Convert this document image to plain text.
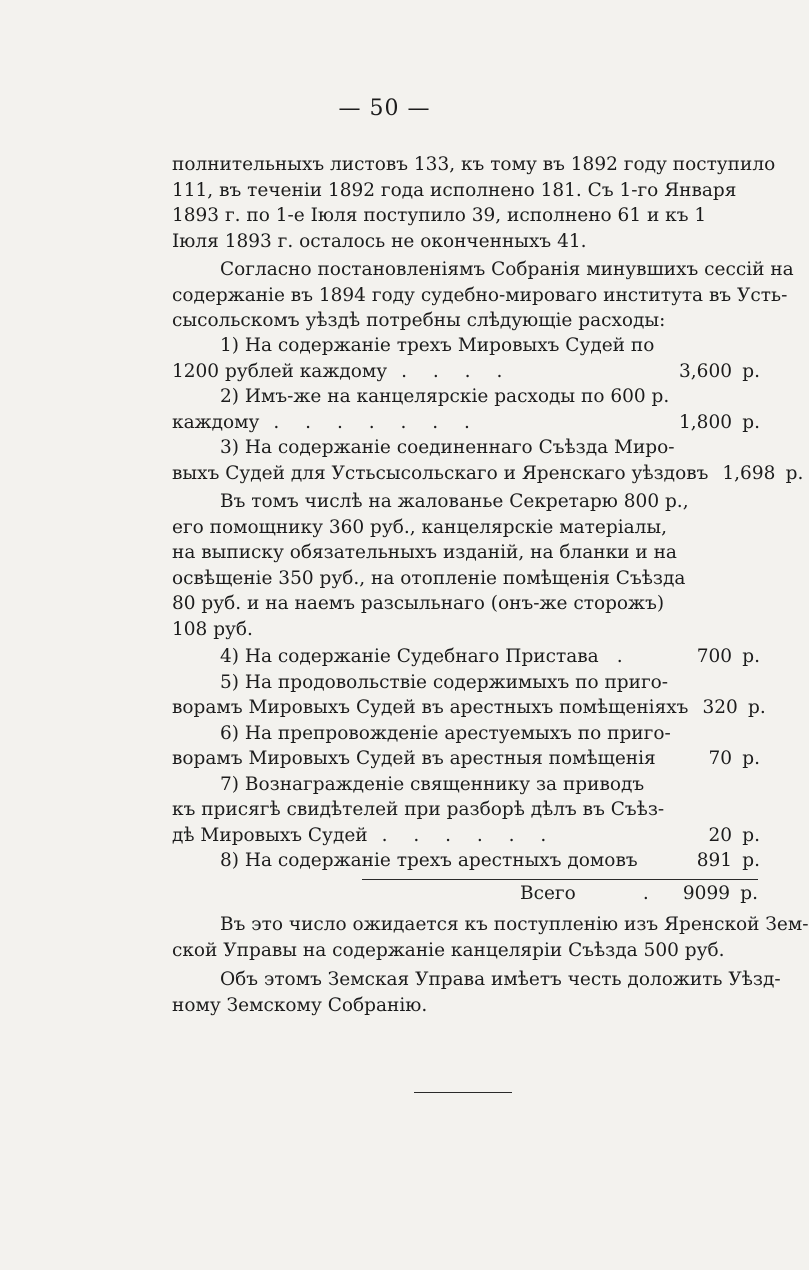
— 50 —
полнительныхъ листовъ 133, къ тому въ 1892 году поступило
111, въ теченіи 1892 года исполнено 181. Съ 1-го Января
1893 г. по 1-е Іюля поступило 39, исполнено 61 и къ 1
Іюля 1893 г. осталось не оконченныхъ 41.
Согласно постановленіямъ Собранія минувшихъ сессій на
содержаніе въ 1894 году судебно-мироваго института въ Усть-
сысольскомъ уѣздѣ потребны слѣдующіе расходы:
1) На содержаніе трехъ Мировыхъ Судей по
1200 рублей каждому . . . .	3,600 р.
2) Имъ-же на канцелярскіе расходы по 600 р.
каждому . . . . . . .	1,800 р.
3) На содержаніе соединеннаго Съѣзда Миро-
выхъ Судей для Устьсысольскаго и Яренскаго уѣздовъ 1,698 р.
Въ томъ числѣ на жалованье Секретарю 800 р.,
его помощнику 360 руб., канцелярскіе матеріалы,
на выписку обязательныхъ изданій, на бланки и на
освѣщеніе 350 руб., на отопленіе помѣщенія Съѣзда
80 руб. и на наемъ разсыльнаго (онъ-же сторожъ)
108 руб.
4) На содержаніе Судебнаго Пристава .	700 р.
5) На продовольствіе содержимыхъ по приго-
ворамъ Мировыхъ Судей въ арестныхъ помѣщеніяхъ 320 р.
6) На препровожденіе арестуемыхъ по приго-
ворамъ Мировыхъ Судей въ арестныя помѣщенія	70 р.
7) Вознагражденіе священнику за приводъ
къ присягѣ свидѣтелей при разборѣ дѣлъ въ Съѣз-
дѣ Мировыхъ Судей . . . . . .	20 р.
8) На содержаніе трехъ арестныхъ домовъ	891 р.
Всего	.	9099 р.
Въ это число ожидается къ поступленію изъ Яренской Зем-
ской Управы на содержаніе канцеляріи Съѣзда 500 руб.
Объ этомъ Земская Управа имѣетъ честь доложить Уѣзд-
ному Земскому Собранію.
